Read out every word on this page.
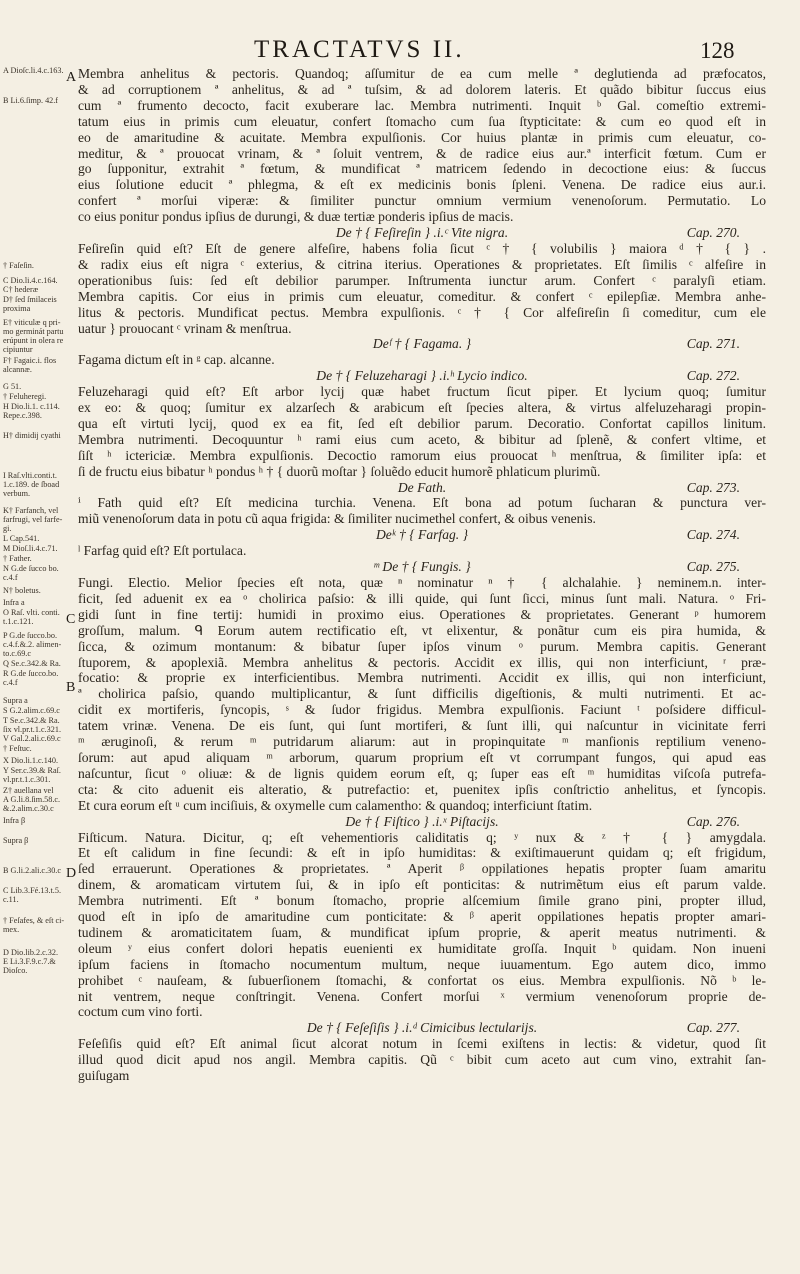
TRACTATVS II.	128
A Dioſc.li.4.c.163.
B Li.6.ſimp. 42.f
† Faſeſin.
C Dio.li.4.c.164.
C† hederæ
D† ſed ſmilaceis
proxima
E† viticulæ q pri-
mo germinát partu
erúpunt in olera re
cipiuntur
F† Fagaic.i. flos
alcannæ.
G 51.
† Feluheregi.
H Dio.li.1. c.114.
Repe.c.398.
H† dimidij cyathi
I Raſ.vlti.conti.t.
1.c.189. de ſboad
verbum.
K† Farfanch, vel
farfrugi, vel farfe-
gi.
L Cap.541.
M Dioſ.li.4.c.71.
† Father.
N G.de ſucco bo.
c.4.f
N† boletus.
Infra a
O Raſ. vlti. conti.
t.1.c.121.
P G.de ſucco.bo.
c.4.f.&.2. alimen-
to.c.69.c
Q Se.c.342.& Ra.
R G.de ſucco.bo.
c.4.f
Supra a
S G.2.alim.c.69.c
T Se.c.342.& Ra.
ſix vl.pr.t.1.c.321.
V Gal.2.ali.c.69.c
† Feſtuc.
X Dio.li.1.c.140.
Y Ser.c.39.& Raſ.
vl.pr.t.1.c.301.
Z† auellana vel
A G.li.8.ſim.58.c.
&.2.alim.c.30.c
Infra β
Supra β
B G.li.2.ali.c.30.c
C Lib.3.Fé.13.t.5.
c.11.
† Feſafes, & eſt ci-
mex.
D Dio.lib.2.c.32.
E Li.3.F.9.c.7.&
Dioſco.
A
B
C
D
Membra anhelitus & pectoris. Quandoq; aſſumitur de ea cum melle ª deglutienda ad præfocatos,
& ad corruptionem ª anhelitus, & ad ª tuſsim, & ad dolorem lateris. Et quãdo bibitur ſuccus eius
cum ª frumento decocto, facit exuberare lac. Membra nutrimenti. Inquit ᵇ Gal. comeſtio extremi-
tatum eius in primis cum eleuatur, confert ſtomacho cum ſua ſtypticitate: & cum eo quod eſt in
eo de amaritudine & acuitate. Membra expulſionis. Cor huius plantæ in primis cum eleuatur, co-
meditur, & ª prouocat vrinam, & ª ſoluit ventrem, & de radice eius aur.ª interficit fœtum. Cum er
go ſupponitur, extrahit ª fœtum, & mundificat ª matricem ſedendo in decoctione eius: & ſuccus
eius ſolutione educit ª phlegma, & eſt ex medicinis bonis ſpleni. Venena. De radice eius aur.i.
confert ª morſui viperæ: & ſimiliter punctur omnium vermium venenoſorum. Permutatio. Lo
co eius ponitur pondus ipſius de durungi, & duæ tertiæ ponderis ipſius de macis.
De † { Feſireſin } .i.ᶜ Vite nigra.	Cap. 270.
Feſireſin quid eſt? Eſt de genere alfeſire, habens folia ſicut ᶜ † { volubilis } maiora ᵈ † { } .
& radix eius eſt nigra ᶜ exterius, & citrina iterius. Operationes & proprietates. Eſt ſimilis ᶜ alfeſire in
operationibus ſuis: ſed eſt debilior parumper. Inſtrumenta iunctur arum. Confert ᶜ paralyſi etiam.
Membra capitis. Cor eius in primis cum eleuatur, comeditur. & confert ᶜ epilepſiæ. Membra anhe-
litus & pectoris. Mundificat pectus. Membra expulſionis. ᶜ † { Cor alfeſireſin ſi comeditur, cum ele
uatur } prouocant ᶜ vrinam & menſtrua.
Deᶠ † { Fagama. }	Cap. 271.
Fagama dictum eſt in ᵍ cap. alcanne.
De † { Feluzeharagi } .i.ʰ Lycio indico.	Cap. 272.
Feluzeharagi quid eſt? Eſt arbor lycij quæ habet fructum ſicut piper. Et lycium quoq; ſumitur
ex eo: & quoq; ſumitur ex alzarſech & arabicum eſt ſpecies altera, & virtus alfeluzeharagi propin-
qua eſt virtuti lycij, quod ex ea fit, ſed eſt debilior parum. Decoratio. Confortat capillos linitum.
Membra nutrimenti. Decoquuntur ʰ rami eius cum aceto, & bibitur ad ſplenẽ, & confert vltime, et
ſiſt ʰ ictericiæ. Membra expulſionis. Decoctio ramorum eius prouocat ʰ menſtrua, & ſimiliter ipſa: et
ſi de fructu eius bibatur ʰ pondus ʰ † { duorũ moſtar } ſoluẽdo educit humorẽ phlaticum plurimũ.
De Fath.	Cap. 273.
ⁱ Fath quid eſt? Eſt medicina turchia. Venena. Eſt bona ad potum ſucharan & punctura ver-
miũ venenoſorum data in potu cũ aqua frigida: & ſimiliter nucimethel confert, & oibus venenis.
Deᵏ † { Farfag. }	Cap. 274.
ˡ Farfag quid eſt? Eſt portulaca.
ᵐ De † { Fungis. }	Cap. 275.
Fungi. Electio. Melior ſpecies eſt nota, quæ ⁿ nominatur ⁿ † { alchalahie. } neminem.n. inter-
ficit, ſed aduenit ex ea ᵒ cholirica paſsio: & illi quide, qui ſunt ſicci, minus ſunt mali. Natura. ᵒ Fri-
gidi ſunt in fine tertij: humidi in proximo eius. Operationes & proprietates. Generant ᵖ humorem
groſſum, malum. ᑫ Eorum autem rectificatio eſt, vt elixentur, & ponãtur cum eis pira humida, &
ſicca, & ozimum montanum: & bibatur ſuper ipſos vinum ᵒ purum. Membra capitis. Generant
ſtuporem, & apoplexiã. Membra anhelitus & pectoris. Accidit ex illis, qui non interficiunt, ʳ præ-
focatio: & proprie ex interficientibus. Membra nutrimenti. Accidit ex illis, qui non interficiunt,
ª cholirica paſsio, quando multiplicantur, & ſunt difficilis digeſtionis, & multi nutrimenti. Et ac-
cidit ex mortiferis, ſyncopis, ˢ & ſudor frigidus. Membra expulſionis. Faciunt ᵗ poſsidere difficul-
tatem vrinæ. Venena. De eis ſunt, qui ſunt mortiferi, & ſunt illi, qui naſcuntur in vicinitate ferri
ᵐ æruginoſi, & rerum ᵐ putridarum aliarum: aut in propinquitate ᵐ manſionis reptilium veneno-
ſorum: aut apud aliquam ᵐ arborum, quarum proprium eſt vt corrumpant fungos, qui apud eas
naſcuntur, ſicut ᵒ oliuæ: & de lignis quidem eorum eſt, q; ſuper eas eſt ᵐ humiditas viſcoſa putrefa-
cta: & cito aduenit eis alteratio, & putrefactio: et, pueniteх ipſis conſtrictio anhelitus, et ſyncopis.
Et cura eorum eſt ᵘ cum inciſiuis, & oxymelle cum calamentho: & quandoq; interficiunt ſtatim.
De † { Fiſtico } .i.ˣ Piſtacijs.	Cap. 276.
Fiſticum. Natura. Dicitur, q; eſt vehementioris caliditatis q; ʸ nux & ᶻ † { } amygdala.
Et eſt calidum in fine ſecundi: & eſt in ipſo humiditas: & exiſtimauerunt quidam q; eſt frigidum,
ſed errauerunt. Operationes & proprietates. ª Aperit ᵝ oppilationes hepatis propter ſuam amaritu
dinem, & aromaticam virtutem ſui, & in ipſo eſt ponticitas: & nutrimẽtum eius eſt parum valde.
Membra nutrimenti. Eſt ª bonum ſtomacho, proprie alſcemium ſimile grano pini, propter illud,
quod eſt in ipſo de amaritudine cum ponticitate: & ᵝ aperit oppilationes hepatis propter amari-
tudinem & aromaticitatem ſuam, & mundificat ipſum proprie, & aperit meatus nutrimenti. &
oleum ʸ eius confert dolori hepatis euenienti ex humiditate groſſa. Inquit ᵇ quidam. Non inueni
ipſum faciens in ſtomacho nocumentum multum, neque iuuamentum. Ego autem dico, immo
prohibet ᶜ nauſeam, & ſubuerſionem ſtomachi, & confortat os eius. Membra expulſionis. Nõ ᵇ le-
nit ventrem, neque conſtringit. Venena. Confert morſui ˣ vermium venenoſorum proprie de-
coctum cum vino forti.
De † { Feſeſiſis } .i.ᵈ Cimicibus lectularijs.	Cap. 277.
Feſeſiſis quid eſt? Eſt animal ſicut alcorat notum in ſcemi exiſtens in lectis: & videtur, quod ſit
illud quod dicit apud nos angil. Membra capitis. Qũ ᶜ bibit cum aceto aut cum vino, extrahit ſan-
guiſugam
